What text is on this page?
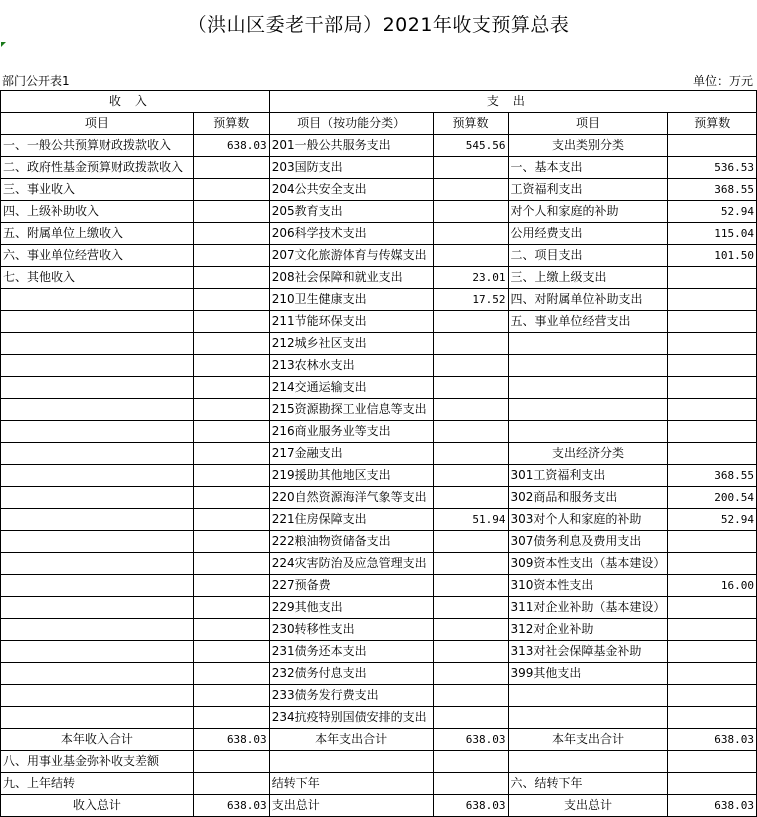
（洪山区委老干部局）2021年收支预算总表
部门公开表1	单位：万元
收入		支出			
项目	预算数	项目（按功能分类）	预算数	项目	预算数
一、一般公共预算财政拨款收入	638.03	201一般公共服务支出	545.56	支出类别分类	
二、政府性基金预算财政拨款收入		203国防支出		一、基本支出	536.53
三、事业收入		204公共安全支出		工资福利支出	368.55
四、上级补助收入		205教育支出		对个人和家庭的补助	52.94
五、附属单位上缴收入		206科学技术支出		公用经费支出	115.04
六、事业单位经营收入		207文化旅游体育与传媒支出		二、项目支出	101.50
七、其他收入		208社会保障和就业支出	23.01	三、上缴上级支出	
		210卫生健康支出	17.52	四、对附属单位补助支出	
		211节能环保支出		五、事业单位经营支出	
		212城乡社区支出			
		213农林水支出			
		214交通运输支出			
		215资源勘探工业信息等支出			
		216商业服务业等支出			
		217金融支出		支出经济分类	
		219援助其他地区支出		301工资福利支出	368.55
		220自然资源海洋气象等支出		302商品和服务支出	200.54
		221住房保障支出	51.94	303对个人和家庭的补助	52.94
		222粮油物资储备支出		307债务利息及费用支出	
		224灾害防治及应急管理支出		309资本性支出（基本建设）	
		227预备费		310资本性支出	16.00
		229其他支出		311对企业补助（基本建设）	
		230转移性支出		312对企业补助	
		231债务还本支出		313对社会保障基金补助	
		232债务付息支出		399其他支出	
		233债务发行费支出			
		234抗疫特别国债安排的支出			
本年收入合计	638.03	本年支出合计	638.03	本年支出合计	638.03
八、用事业基金弥补收支差额					
九、上年结转		结转下年		六、结转下年	
收入总计	638.03	支出总计	638.03	支出总计	638.03
